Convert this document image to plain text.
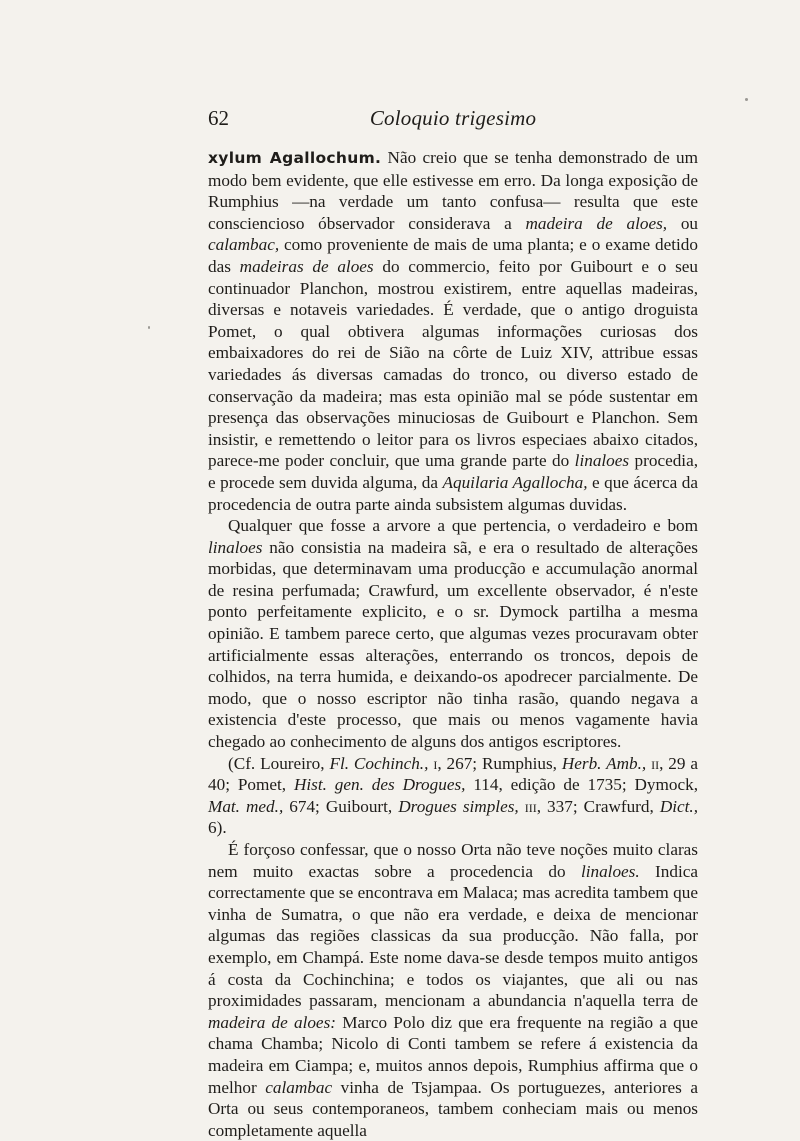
62	Coloquio trigesimo

xylum Agallochum. Não creio que se tenha demonstrado de um modo bem evidente, que elle estivesse em erro. Da longa exposição de Rumphius —na verdade um tanto confusa— resulta que este consciencioso óbservador considerava a madeira de aloes, ou calambac, como proveniente de mais de uma planta; e o exame detido das madeiras de aloes do commercio, feito por Guibourt e o seu continuador Planchon, mostrou existirem, entre aquellas madeiras, diversas e notaveis variedades. É verdade, que o antigo droguista Pomet, o qual obtivera algumas informações curiosas dos embaixadores do rei de Sião na côrte de Luiz XIV, attribue essas variedades ás diversas camadas do tronco, ou diverso estado de conservação da madeira; mas esta opinião mal se póde sustentar em presença das observações minuciosas de Guibourt e Planchon. Sem insistir, e remettendo o leitor para os livros especiaes abaixo citados, parece-me poder concluir, que uma grande parte do linaloes procedia, e procede sem duvida alguma, da Aquilaria Agallocha, e que ácerca da procedencia de outra parte ainda subsistem algumas duvidas.

Qualquer que fosse a arvore a que pertencia, o verdadeiro e bom linaloes não consistia na madeira sã, e era o resultado de alterações morbidas, que determinavam uma producção e accumulação anormal de resina perfumada; Crawfurd, um excellente observador, é n'este ponto perfeitamente explicito, e o sr. Dymock partilha a mesma opinião. E tambem parece certo, que algumas vezes procuravam obter artificialmente essas alterações, enterrando os troncos, depois de colhidos, na terra humida, e deixando-os apodrecer parcialmente. De modo, que o nosso escriptor não tinha rasão, quando negava a existencia d'este processo, que mais ou menos vagamente havia chegado ao conhecimento de alguns dos antigos escriptores.

(Cf. Loureiro, Fl. Cochinch., i, 267; Rumphius, Herb. Amb., ii, 29 a 40; Pomet, Hist. gen. des Drogues, 114, edição de 1735; Dymock, Mat. med., 674; Guibourt, Drogues simples, iii, 337; Crawfurd, Dict., 6).

É forçoso confessar, que o nosso Orta não teve noções muito claras nem muito exactas sobre a procedencia do linaloes. Indica correctamente que se encontrava em Malaca; mas acredita tambem que vinha de Sumatra, o que não era verdade, e deixa de mencionar algumas das regiões classicas da sua producção. Não falla, por exemplo, em Champá. Este nome dava-se desde tempos muito antigos á costa da Cochinchina; e todos os viajantes, que ali ou nas proximidades passaram, mencionam a abundancia n'aquella terra de madeira de aloes: Marco Polo diz que era frequente na região a que chama Chamba; Nicolo di Conti tambem se refere á existencia da madeira em Ciampa; e, muitos annos depois, Rumphius affirma que o melhor calambac vinha de Tsjampaa. Os portuguezes, anteriores a Orta ou seus contemporaneos, tambem conheciam mais ou menos completamente aquella
